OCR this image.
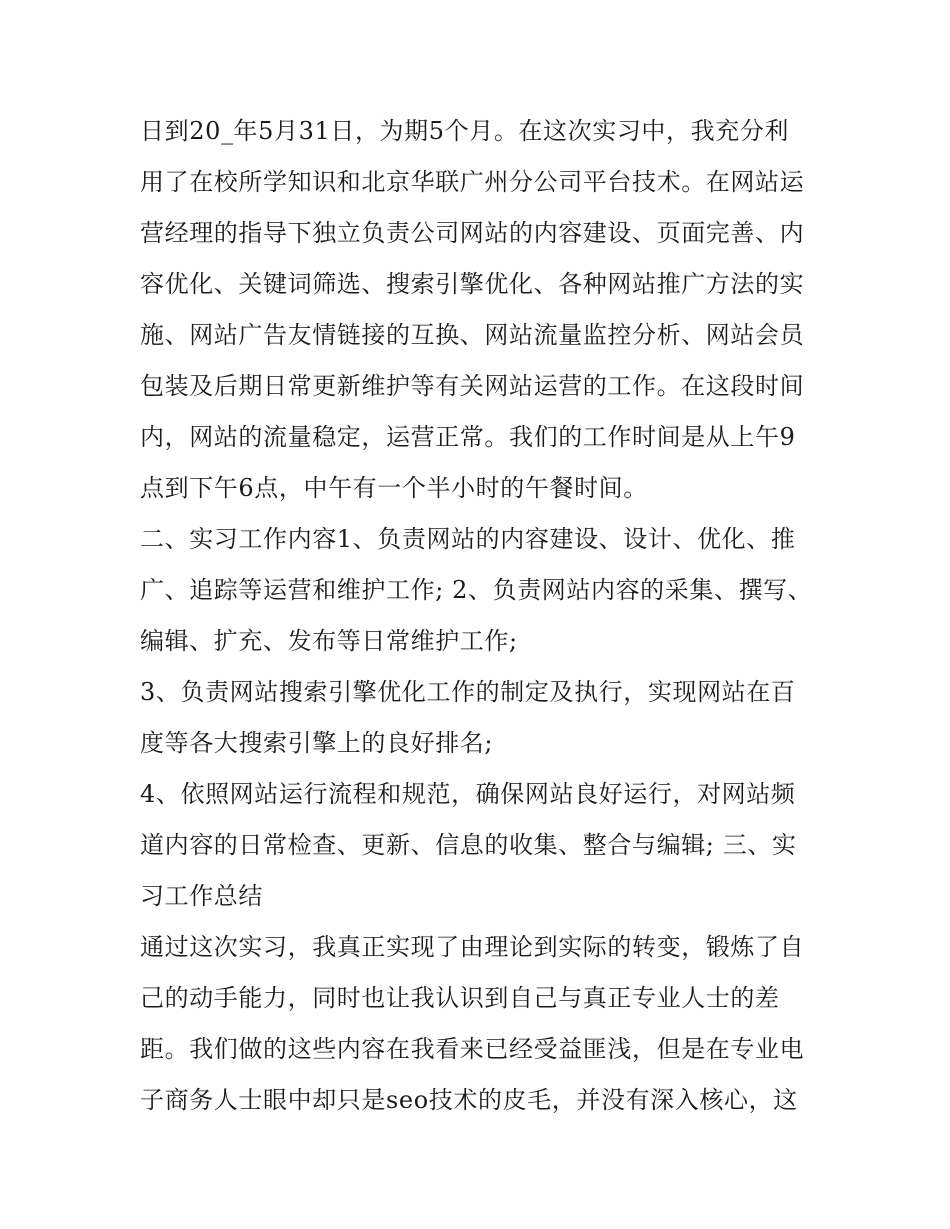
日到20_年5月31日，为期5个月。在这次实习中，我充分利
用了在校所学知识和北京华联广州分公司平台技术。在网站运
营经理的指导下独立负责公司网站的内容建设、页面完善、内
容优化、关键词筛选、搜索引擎优化、各种网站推广方法的实
施、网站广告友情链接的互换、网站流量监控分析、网站会员
包装及后期日常更新维护等有关网站运营的工作。在这段时间
内，网站的流量稳定，运营正常。我们的工作时间是从上午9
点到下午6点，中午有一个半小时的午餐时间。
二、实习工作内容1、负责网站的内容建设、设计、优化、推
广、追踪等运营和维护工作; 2、负责网站内容的采集、撰写、
编辑、扩充、发布等日常维护工作;
3、负责网站搜索引擎优化工作的制定及执行，实现网站在百
度等各大搜索引擎上的良好排名;
4、依照网站运行流程和规范，确保网站良好运行，对网站频
道内容的日常检查、更新、信息的收集、整合与编辑; 三、实
习工作总结
通过这次实习，我真正实现了由理论到实际的转变，锻炼了自
己的动手能力，同时也让我认识到自己与真正专业人士的差
距。我们做的这些内容在我看来已经受益匪浅，但是在专业电
子商务人士眼中却只是seo技术的皮毛，并没有深入核心，这
